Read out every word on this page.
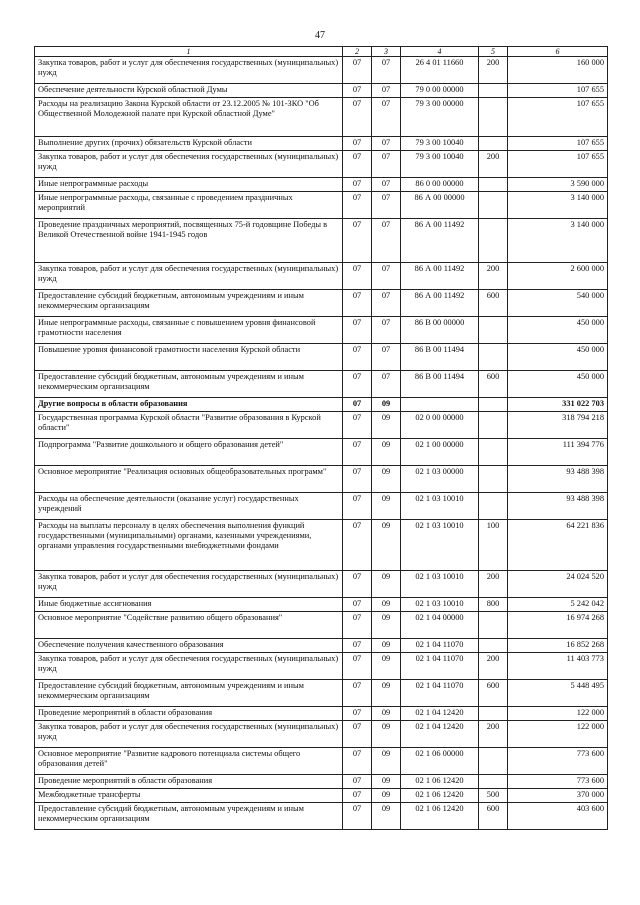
47
1	2	3	4	5	6
Закупка товаров, работ и услуг для обеспечения государственных (муниципальных) нужд	07	07	26 4 01 11660	200	160 000
Обеспечение деятельности Курской областной Думы	07	07	79 0 00 00000		107 655
Расходы на реализацию Закона Курской области от 23.12.2005 № 101-ЗКО "Об Общественной Молодежной палате при Курской областной Думе"	07	07	79 3 00 00000		107 655
Выполнение других (прочих) обязательств Курской области	07	07	79 3 00 10040		107 655
Закупка товаров, работ и услуг для обеспечения государственных (муниципальных) нужд	07	07	79 3 00 10040	200	107 655
Иные непрограммные расходы	07	07	86 0 00 00000		3 590 000
Иные непрограммные расходы, связанные с проведением праздничных мероприятий	07	07	86 А 00 00000		3 140 000
Проведение праздничных мероприятий, посвященных 75-й годовщине Победы в Великой Отечественной войне 1941-1945 годов	07	07	86 А 00 11492		3 140 000
Закупка товаров, работ и услуг для обеспечения государственных (муниципальных) нужд	07	07	86 А 00 11492	200	2 600 000
Предоставление субсидий бюджетным, автономным учреждениям и иным некоммерческим организациям	07	07	86 А 00 11492	600	540 000
Иные непрограммные расходы, связанные с повышением уровня финансовой грамотности населения	07	07	86 В 00 00000		450 000
Повышение уровня финансовой грамотности населения Курской области	07	07	86 В 00 11494		450 000
Предоставление субсидий бюджетным, автономным учреждениям и иным некоммерческим организациям	07	07	86 В 00 11494	600	450 000
Другие вопросы в области образования	07	09			331 022 703
Государственная программа Курской области "Развитие образования в Курской области"	07	09	02 0 00 00000		318 794 218
Подпрограмма "Развитие дошкольного и общего образования детей"	07	09	02 1 00 00000		111 394 776
Основное мероприятие "Реализация основных общеобразовательных программ"	07	09	02 1 03 00000		93 488 398
Расходы на обеспечение деятельности (оказание услуг) государственных учреждений	07	09	02 1 03 10010		93 488 398
Расходы на выплаты персоналу в целях обеспечения выполнения функций государственными (муниципальными) органами, казенными учреждениями, органами управления государственными внебюджетными фондами	07	09	02 1 03 10010	100	64 221 836
Закупка товаров, работ и услуг для обеспечения государственных (муниципальных) нужд	07	09	02 1 03 10010	200	24 024 520
Иные бюджетные ассигнования	07	09	02 1 03 10010	800	5 242 042
Основное мероприятие "Содействие развитию общего образования"	07	09	02 1 04 00000		16 974 268
Обеспечение получения качественного образования	07	09	02 1 04 11070		16 852 268
Закупка товаров, работ и услуг для обеспечения государственных (муниципальных) нужд	07	09	02 1 04 11070	200	11 403 773
Предоставление субсидий бюджетным, автономным учреждениям и иным некоммерческим организациям	07	09	02 1 04 11070	600	5 448 495
Проведение мероприятий в области образования	07	09	02 1 04 12420		122 000
Закупка товаров, работ и услуг для обеспечения государственных (муниципальных) нужд	07	09	02 1 04 12420	200	122 000
Основное мероприятие "Развитие кадрового потенциала системы общего образования детей"	07	09	02 1 06 00000		773 600
Проведение мероприятий в области образования	07	09	02 1 06 12420		773 600
Межбюджетные трансферты	07	09	02 1 06 12420	500	370 000
Предоставление субсидий бюджетным, автономным учреждениям и иным некоммерческим организациям	07	09	02 1 06 12420	600	403 600
